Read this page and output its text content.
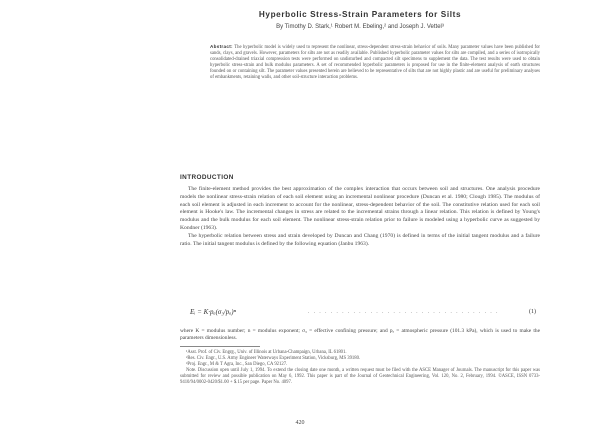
Hyperbolic Stress-Strain Parameters for Silts
By Timothy D. Stark,¹ Robert M. Ebeling,² and Joseph J. Vettel³

Abstract: The hyperbolic model is widely used to represent the nonlinear, stress-dependent stress-strain behavior of soils. Many parameter values have been published for sands, clays, and gravels. However, parameters for silts are not as readily available. Published hyperbolic parameter values for silts are compiled, and a series of isotropically consolidated-drained triaxial compression tests were performed on undisturbed and compacted silt specimens to supplement the data. The test results were used to obtain hyperbolic stress-strain and bulk modulus parameters. A set of recommended hyperbolic parameters is proposed for use in the finite-element analysis of earth structures founded on or containing silt. The parameter values presented herein are believed to be representative of silts that are not highly plastic and are useful for preliminary analyses of embankments, retaining walls, and other soil-structure interaction problems.

INTRODUCTION

The finite-element method provides the best approximation of the complex interaction that occurs between soil and structures. One analysis procedure models the nonlinear stress-strain relation of each soil element using an incremental nonlinear procedure (Duncan et al. 1980; Clough 1985). The modulus of each soil element is adjusted in each increment to account for the nonlinear, stress-dependent behavior of the soil. The constitutive relation used for each soil element is Hooke's law. The incremental changes in stress are related to the incremental strains through a linear relation. This relation is defined by Young's modulus and the bulk modulus for each soil element. The nonlinear stress-strain relation prior to failure is modeled using a hyperbolic curve as suggested by Kondner (1963).

The hyperbolic relation between stress and strain developed by Duncan and Chang (1970) is defined in terms of the initial tangent modulus and a failure ratio. The initial tangent modulus is defined by the following equation (Janbu 1963).

Eᵢ = K·pₐ(σ₃/pₐ)ⁿ	. . . . . . . . . . . . . . . . . . . . . . . . . . . . . . . . . .	(1)

where K = modulus number; n = modulus exponent; σ₃ = effective confining pressure; and pₐ = atmospheric pressure (101.3 kPa), which is used to make the parameters dimensionless.

¹Asst. Prof. of Civ. Engrg., Univ. of Illinois at Urbana-Champaign, Urbana, IL 61801.
²Res. Civ. Engr., U.S. Army Engineer Waterways Experiment Station, Vicksburg, MS 39180.
³Proj. Engr., M & T Agra, Inc., San Diego, CA 92127.
Note. Discussion open until July 1, 1994. To extend the closing date one month, a written request must be filed with the ASCE Manager of Journals. The manuscript for this paper was submitted for review and possible publication on May 6, 1992. This paper is part of the Journal of Geotechnical Engineering, Vol. 120, No. 2, February, 1994. ©ASCE, ISSN 0733-9410/94/0002-0420/$1.00 + $.15 per page. Paper No. 4097.
420
